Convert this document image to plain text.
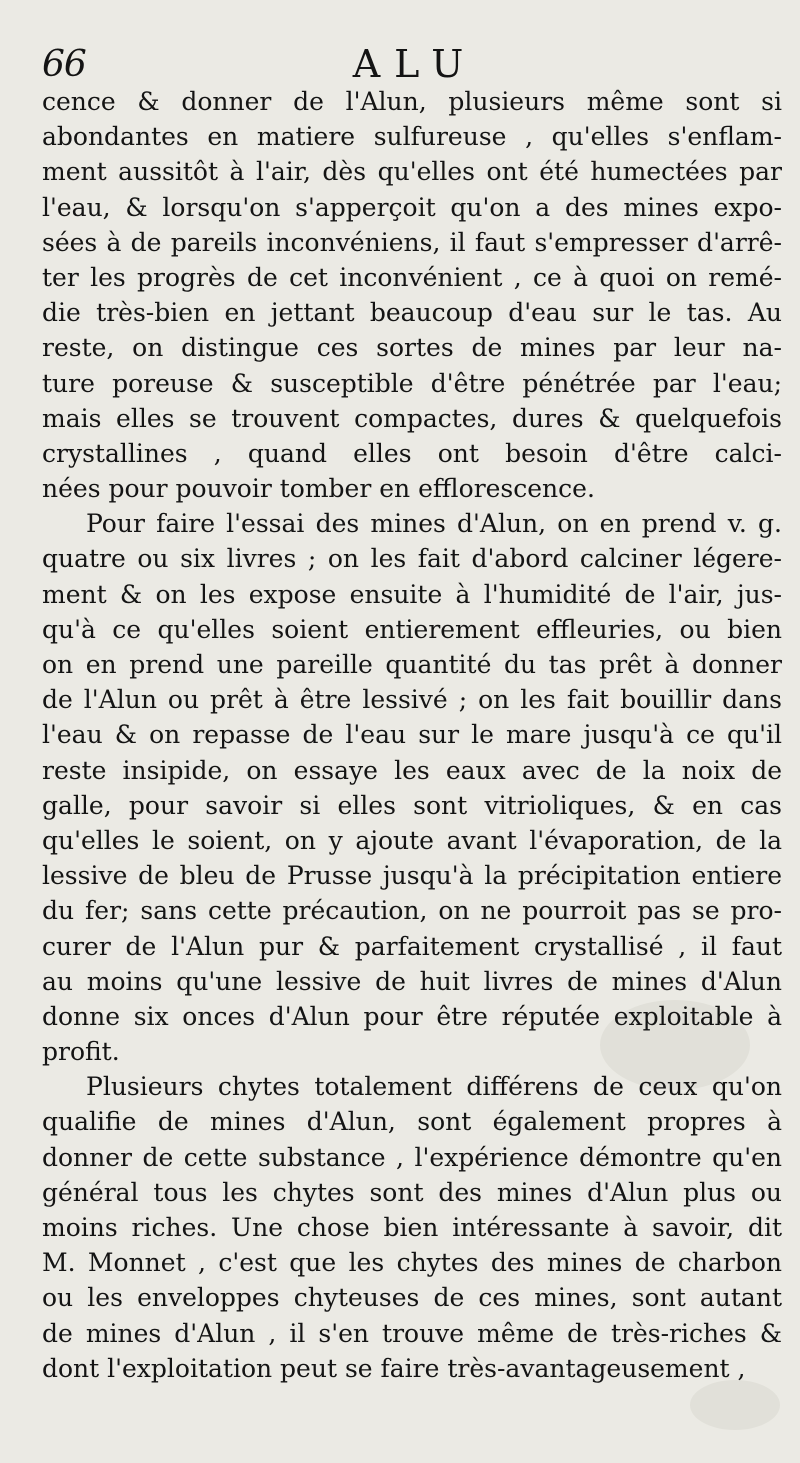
66	ALU
cence & donner de l'Alun, plusieurs même sont si
abondantes en matiere sulfureuse , qu'elles s'enflam-
ment aussitôt à l'air, dès qu'elles ont été humectées par
l'eau, & lorsqu'on s'apperçoit qu'on a des mines expo-
sées à de pareils inconvéniens, il faut s'empresser d'arrê-
ter les progrès de cet inconvénient , ce à quoi on remé-
die très-bien en jettant beaucoup d'eau sur le tas. Au
reste, on distingue ces sortes de mines par leur na-
ture poreuse & susceptible d'être pénétrée par l'eau;
mais elles se trouvent compactes, dures & quelquefois
crystallines , quand elles ont besoin d'être calci-
nées pour pouvoir tomber en efflorescence.
Pour faire l'essai des mines d'Alun, on en prend v. g.
quatre ou six livres ; on les fait d'abord calciner légere-
ment & on les expose ensuite à l'humidité de l'air, jus-
qu'à ce qu'elles soient entierement effleuries, ou bien
on en prend une pareille quantité du tas prêt à donner
de l'Alun ou prêt à être lessivé ; on les fait bouillir dans
l'eau & on repasse de l'eau sur le mare jusqu'à ce qu'il
reste insipide, on essaye les eaux avec de la noix de
galle, pour savoir si elles sont vitrioliques, & en cas
qu'elles le soient, on y ajoute avant l'évaporation, de la
lessive de bleu de Prusse jusqu'à la précipitation entiere
du fer; sans cette précaution, on ne pourroit pas se pro-
curer de l'Alun pur & parfaitement crystallisé , il faut
au moins qu'une lessive de huit livres de mines d'Alun
donne six onces d'Alun pour être réputée exploitable à
profit.
Plusieurs chytes totalement différens de ceux qu'on
qualifie de mines d'Alun, sont également propres à
donner de cette substance , l'expérience démontre qu'en
général tous les chytes sont des mines d'Alun plus ou
moins riches. Une chose bien intéressante à savoir, dit
M. Monnet , c'est que les chytes des mines de charbon
ou les enveloppes chyteuses de ces mines, sont autant
de mines d'Alun , il s'en trouve même de très-riches &
dont l'exploitation peut se faire très-avantageusement ,
